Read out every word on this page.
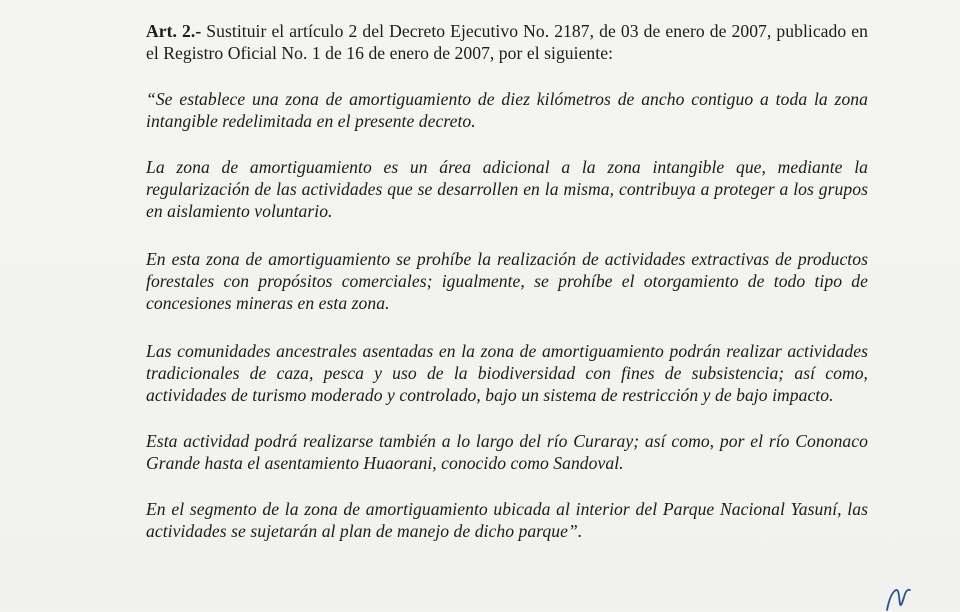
Art. 2.- Sustituir el artículo 2 del Decreto Ejecutivo No. 2187, de 03 de enero de 2007, publicado en el Registro Oficial No. 1 de 16 de enero de 2007, por el siguiente:

“Se establece una zona de amortiguamiento de diez kilómetros de ancho contiguo a toda la zona intangible redelimitada en el presente decreto.

La zona de amortiguamiento es un área adicional a la zona intangible que, mediante la regularización de las actividades que se desarrollen en la misma, contribuya a proteger a los grupos en aislamiento voluntario.

En esta zona de amortiguamiento se prohíbe la realización de actividades extractivas de productos forestales con propósitos comerciales; igualmente, se prohíbe el otorgamiento de todo tipo de concesiones mineras en esta zona.

Las comunidades ancestrales asentadas en la zona de amortiguamiento podrán realizar actividades tradicionales de caza, pesca y uso de la biodiversidad con fines de subsistencia; así como, actividades de turismo moderado y controlado, bajo un sistema de restricción y de bajo impacto.

Esta actividad podrá realizarse también a lo largo del río Curaray; así como, por el río Cononaco Grande hasta el asentamiento Huaorani, conocido como Sandoval.

En el segmento de la zona de amortiguamiento ubicada al interior del Parque Nacional Yasuní, las actividades se sujetarán al plan de manejo de dicho parque”.
